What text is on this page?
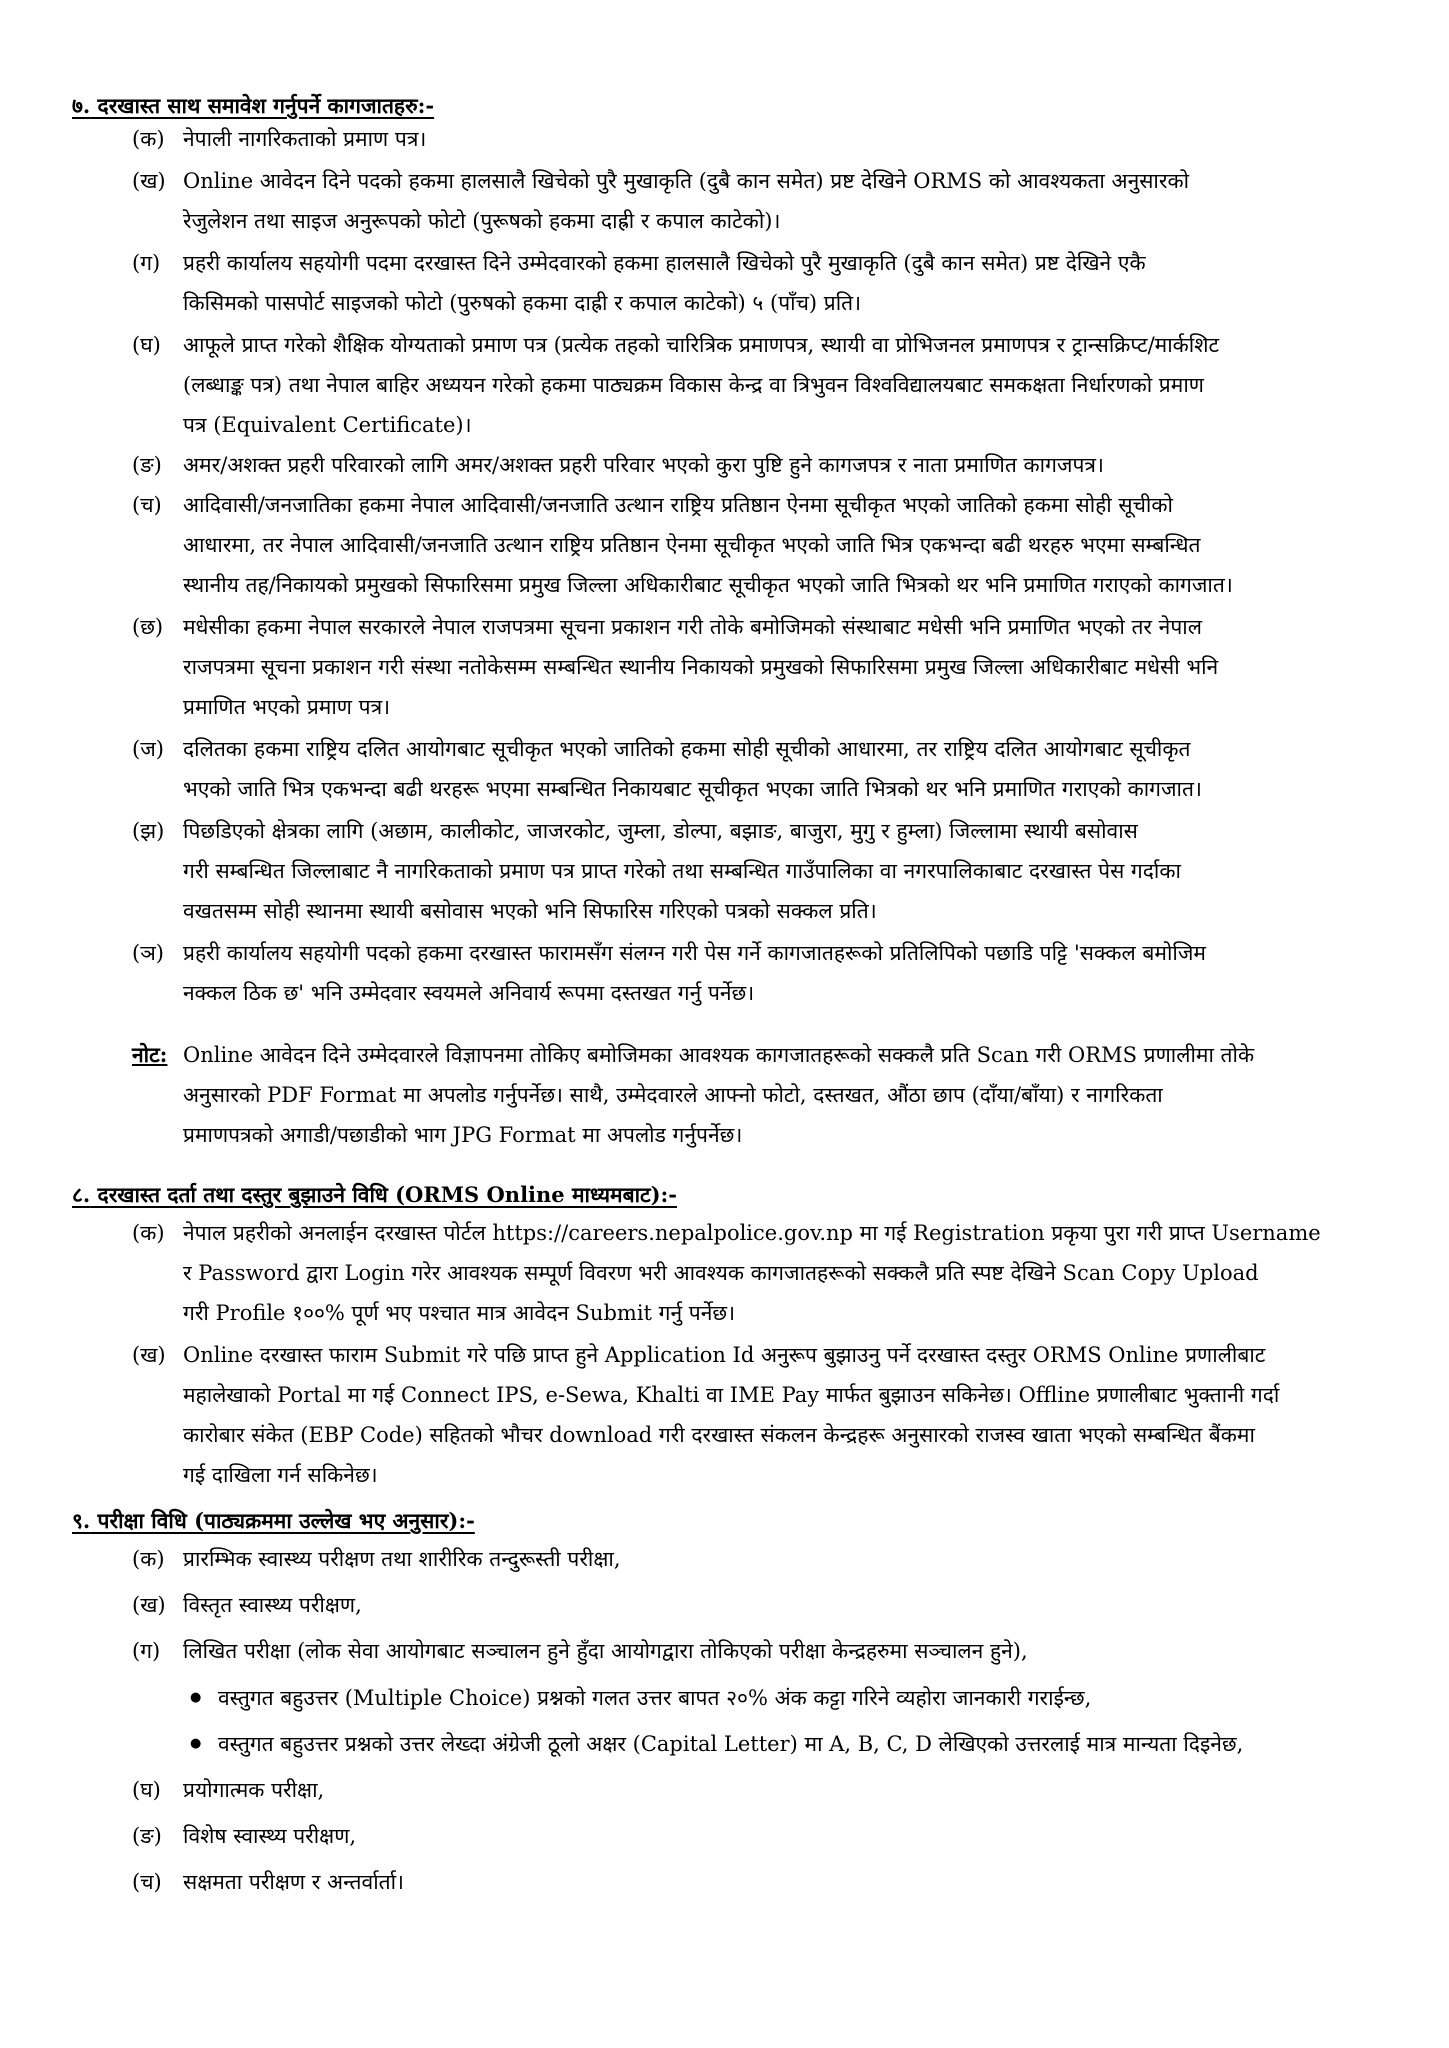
७. दरखास्त साथ समावेश गर्नुपर्ने कागजातहरु:-
(क) नेपाली नागरिकताको प्रमाण पत्र।
(ख) Online आवेदन दिने पदको हकमा हालसालै खिचेको पुरै मुखाकृति (दुबै कान समेत) प्रष्ट देखिने ORMS को आवश्यकता अनुसारको
रेजुलेशन तथा साइज अनुरूपको फोटो (पुरूषको हकमा दाह्री र कपाल काटेको)।
(ग) प्रहरी कार्यालय सहयोगी पदमा दरखास्त दिने उम्मेदवारको हकमा हालसालै खिचेको पुरै मुखाकृति (दुबै कान समेत) प्रष्ट देखिने एकै
किसिमको पासपोर्ट साइजको फोटो (पुरुषको हकमा दाह्री र कपाल काटेको) ५ (पाँच) प्रति।
(घ) आफूले प्राप्त गरेको शैक्षिक योग्यताको प्रमाण पत्र (प्रत्येक तहको चारित्रिक प्रमाणपत्र, स्थायी वा प्रोभिजनल प्रमाणपत्र र ट्रान्सक्रिप्ट/मार्कशिट
(लब्धाङ्क पत्र) तथा नेपाल बाहिर अध्ययन गरेको हकमा पाठ्यक्रम विकास केन्द्र वा त्रिभुवन विश्वविद्यालयबाट समकक्षता निर्धारणको प्रमाण
पत्र (Equivalent Certificate)।
(ङ) अमर/अशक्त प्रहरी परिवारको लागि अमर/अशक्त प्रहरी परिवार भएको कुरा पुष्टि हुने कागजपत्र र नाता प्रमाणित कागजपत्र।
(च) आदिवासी/जनजातिका हकमा नेपाल आदिवासी/जनजाति उत्थान राष्ट्रिय प्रतिष्ठान ऐनमा सूचीकृत भएको जातिको हकमा सोही सूचीको
आधारमा, तर नेपाल आदिवासी/जनजाति उत्थान राष्ट्रिय प्रतिष्ठान ऐनमा सूचीकृत भएको जाति भित्र एकभन्दा बढी थरहरु भएमा सम्बन्धित
स्थानीय तह/निकायको प्रमुखको सिफारिसमा प्रमुख जिल्ला अधिकारीबाट सूचीकृत भएको जाति भित्रको थर भनि प्रमाणित गराएको कागजात।
(छ) मधेसीका हकमा नेपाल सरकारले नेपाल राजपत्रमा सूचना प्रकाशन गरी तोके बमोजिमको संस्थाबाट मधेसी भनि प्रमाणित भएको तर नेपाल
राजपत्रमा सूचना प्रकाशन गरी संस्था नतोकेसम्म सम्बन्धित स्थानीय निकायको प्रमुखको सिफारिसमा प्रमुख जिल्ला अधिकारीबाट मधेसी भनि
प्रमाणित भएको प्रमाण पत्र।
(ज) दलितका हकमा राष्ट्रिय दलित आयोगबाट सूचीकृत भएको जातिको हकमा सोही सूचीको आधारमा, तर राष्ट्रिय दलित आयोगबाट सूचीकृत
भएको जाति भित्र एकभन्दा बढी थरहरू भएमा सम्बन्धित निकायबाट सूचीकृत भएका जाति भित्रको थर भनि प्रमाणित गराएको कागजात।
(झ) पिछडिएको क्षेत्रका लागि (अछाम, कालीकोट, जाजरकोट, जुम्ला, डोल्पा, बझाङ, बाजुरा, मुगु र हुम्ला) जिल्लामा स्थायी बसोवास
गरी सम्बन्धित जिल्लाबाट नै नागरिकताको प्रमाण पत्र प्राप्त गरेको तथा सम्बन्धित गाउँपालिका वा नगरपालिकाबाट दरखास्त पेस गर्दाका
वखतसम्म सोही स्थानमा स्थायी बसोवास भएको भनि सिफारिस गरिएको पत्रको सक्कल प्रति।
(ञ) प्रहरी कार्यालय सहयोगी पदको हकमा दरखास्त फारामसँग संलग्न गरी पेस गर्ने कागजातहरूको प्रतिलिपिको पछाडि पट्टि 'सक्कल बमोजिम
नक्कल ठिक छ' भनि उम्मेदवार स्वयमले अनिवार्य रूपमा दस्तखत गर्नु पर्नेछ।
नोट: Online आवेदन दिने उम्मेदवारले विज्ञापनमा तोकिए बमोजिमका आवश्यक कागजातहरूको सक्कलै प्रति Scan गरी ORMS प्रणालीमा तोके
अनुसारको PDF Format मा अपलोड गर्नुपर्नेछ। साथै, उम्मेदवारले आफ्नो फोटो, दस्तखत, औंठा छाप (दाँया/बाँया) र नागरिकता
प्रमाणपत्रको अगाडी/पछाडीको भाग JPG Format मा अपलोड गर्नुपर्नेछ।
८. दरखास्त दर्ता तथा दस्तुर बुझाउने विधि (ORMS Online माध्यमबाट):-
(क) नेपाल प्रहरीको अनलाईन दरखास्त पोर्टल https://careers.nepalpolice.gov.np मा गई Registration प्रकृया पुरा गरी प्राप्त Username
र Password द्वारा Login गरेर आवश्यक सम्पूर्ण विवरण भरी आवश्यक कागजातहरूको सक्कलै प्रति स्पष्ट देखिने Scan Copy Upload
गरी Profile १००% पूर्ण भए पश्चात मात्र आवेदन Submit गर्नु पर्नेछ।
(ख) Online दरखास्त फाराम Submit गरे पछि प्राप्त हुने Application Id अनुरूप बुझाउनु पर्ने दरखास्त दस्तुर ORMS Online प्रणालीबाट
महालेखाको Portal मा गई Connect IPS, e-Sewa, Khalti वा IME Pay मार्फत बुझाउन सकिनेछ। Offline प्रणालीबाट भुक्तानी गर्दा
कारोबार संकेत (EBP Code) सहितको भौचर download गरी दरखास्त संकलन केन्द्रहरू अनुसारको राजस्व खाता भएको सम्बन्धित बैंकमा
गई दाखिला गर्न सकिनेछ।
९. परीक्षा विधि (पाठ्यक्रममा उल्लेख भए अनुसार):-
(क) प्रारम्भिक स्वास्थ्य परीक्षण तथा शारीरिक तन्दुरूस्ती परीक्षा,
(ख) विस्तृत स्वास्थ्य परीक्षण,
(ग) लिखित परीक्षा (लोक सेवा आयोगबाट सञ्चालन हुने हुँदा आयोगद्वारा तोकिएको परीक्षा केन्द्रहरुमा सञ्चालन हुने),
● वस्तुगत बहुउत्तर (Multiple Choice) प्रश्नको गलत उत्तर बापत २०% अंक कट्टा गरिने व्यहोरा जानकारी गराईन्छ,
● वस्तुगत बहुउत्तर प्रश्नको उत्तर लेख्दा अंग्रेजी ठूलो अक्षर (Capital Letter) मा A, B, C, D लेखिएको उत्तरलाई मात्र मान्यता दिइनेछ,
(घ) प्रयोगात्मक परीक्षा,
(ङ) विशेष स्वास्थ्य परीक्षण,
(च) सक्षमता परीक्षण र अन्तर्वार्ता।
